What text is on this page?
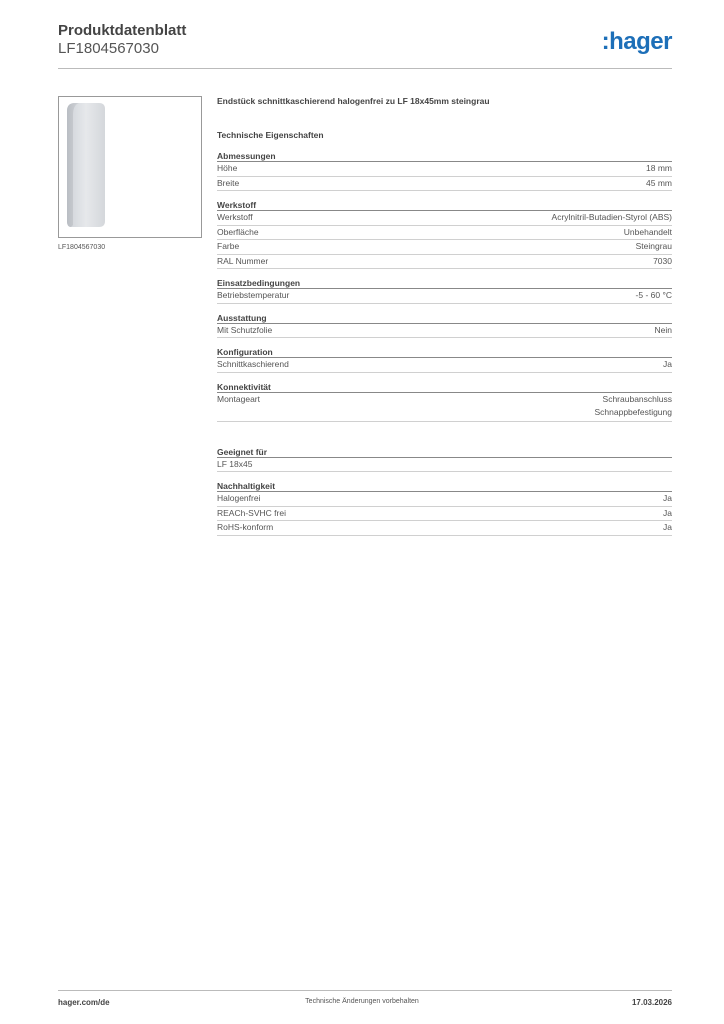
Produktdatenblatt
LF1804567030	:hager
LF1804567030
Endstück schnittkaschierend halogenfrei zu LF 18x45mm steingrau
Technische Eigenschaften
Abmessungen
Höhe	18 mm
Breite	45 mm
Werkstoff
Werkstoff	Acrylnitril-Butadien-Styrol (ABS)
Oberfläche	Unbehandelt
Farbe	Steingrau
RAL Nummer	7030
Einsatzbedingungen
Betriebstemperatur	-5 - 60 °C
Ausstattung
Mit Schutzfolie	Nein
Konfiguration
Schnittkaschierend	Ja
Konnektivität
Montageart	Schraubanschluss
Schnappbefestigung
Geeignet für
LF 18x45
Nachhaltigkeit
Halogenfrei	Ja
REACh-SVHC frei	Ja
RoHS-konform	Ja
hager.com/de	Technische Änderungen vorbehalten	17.03.2026
